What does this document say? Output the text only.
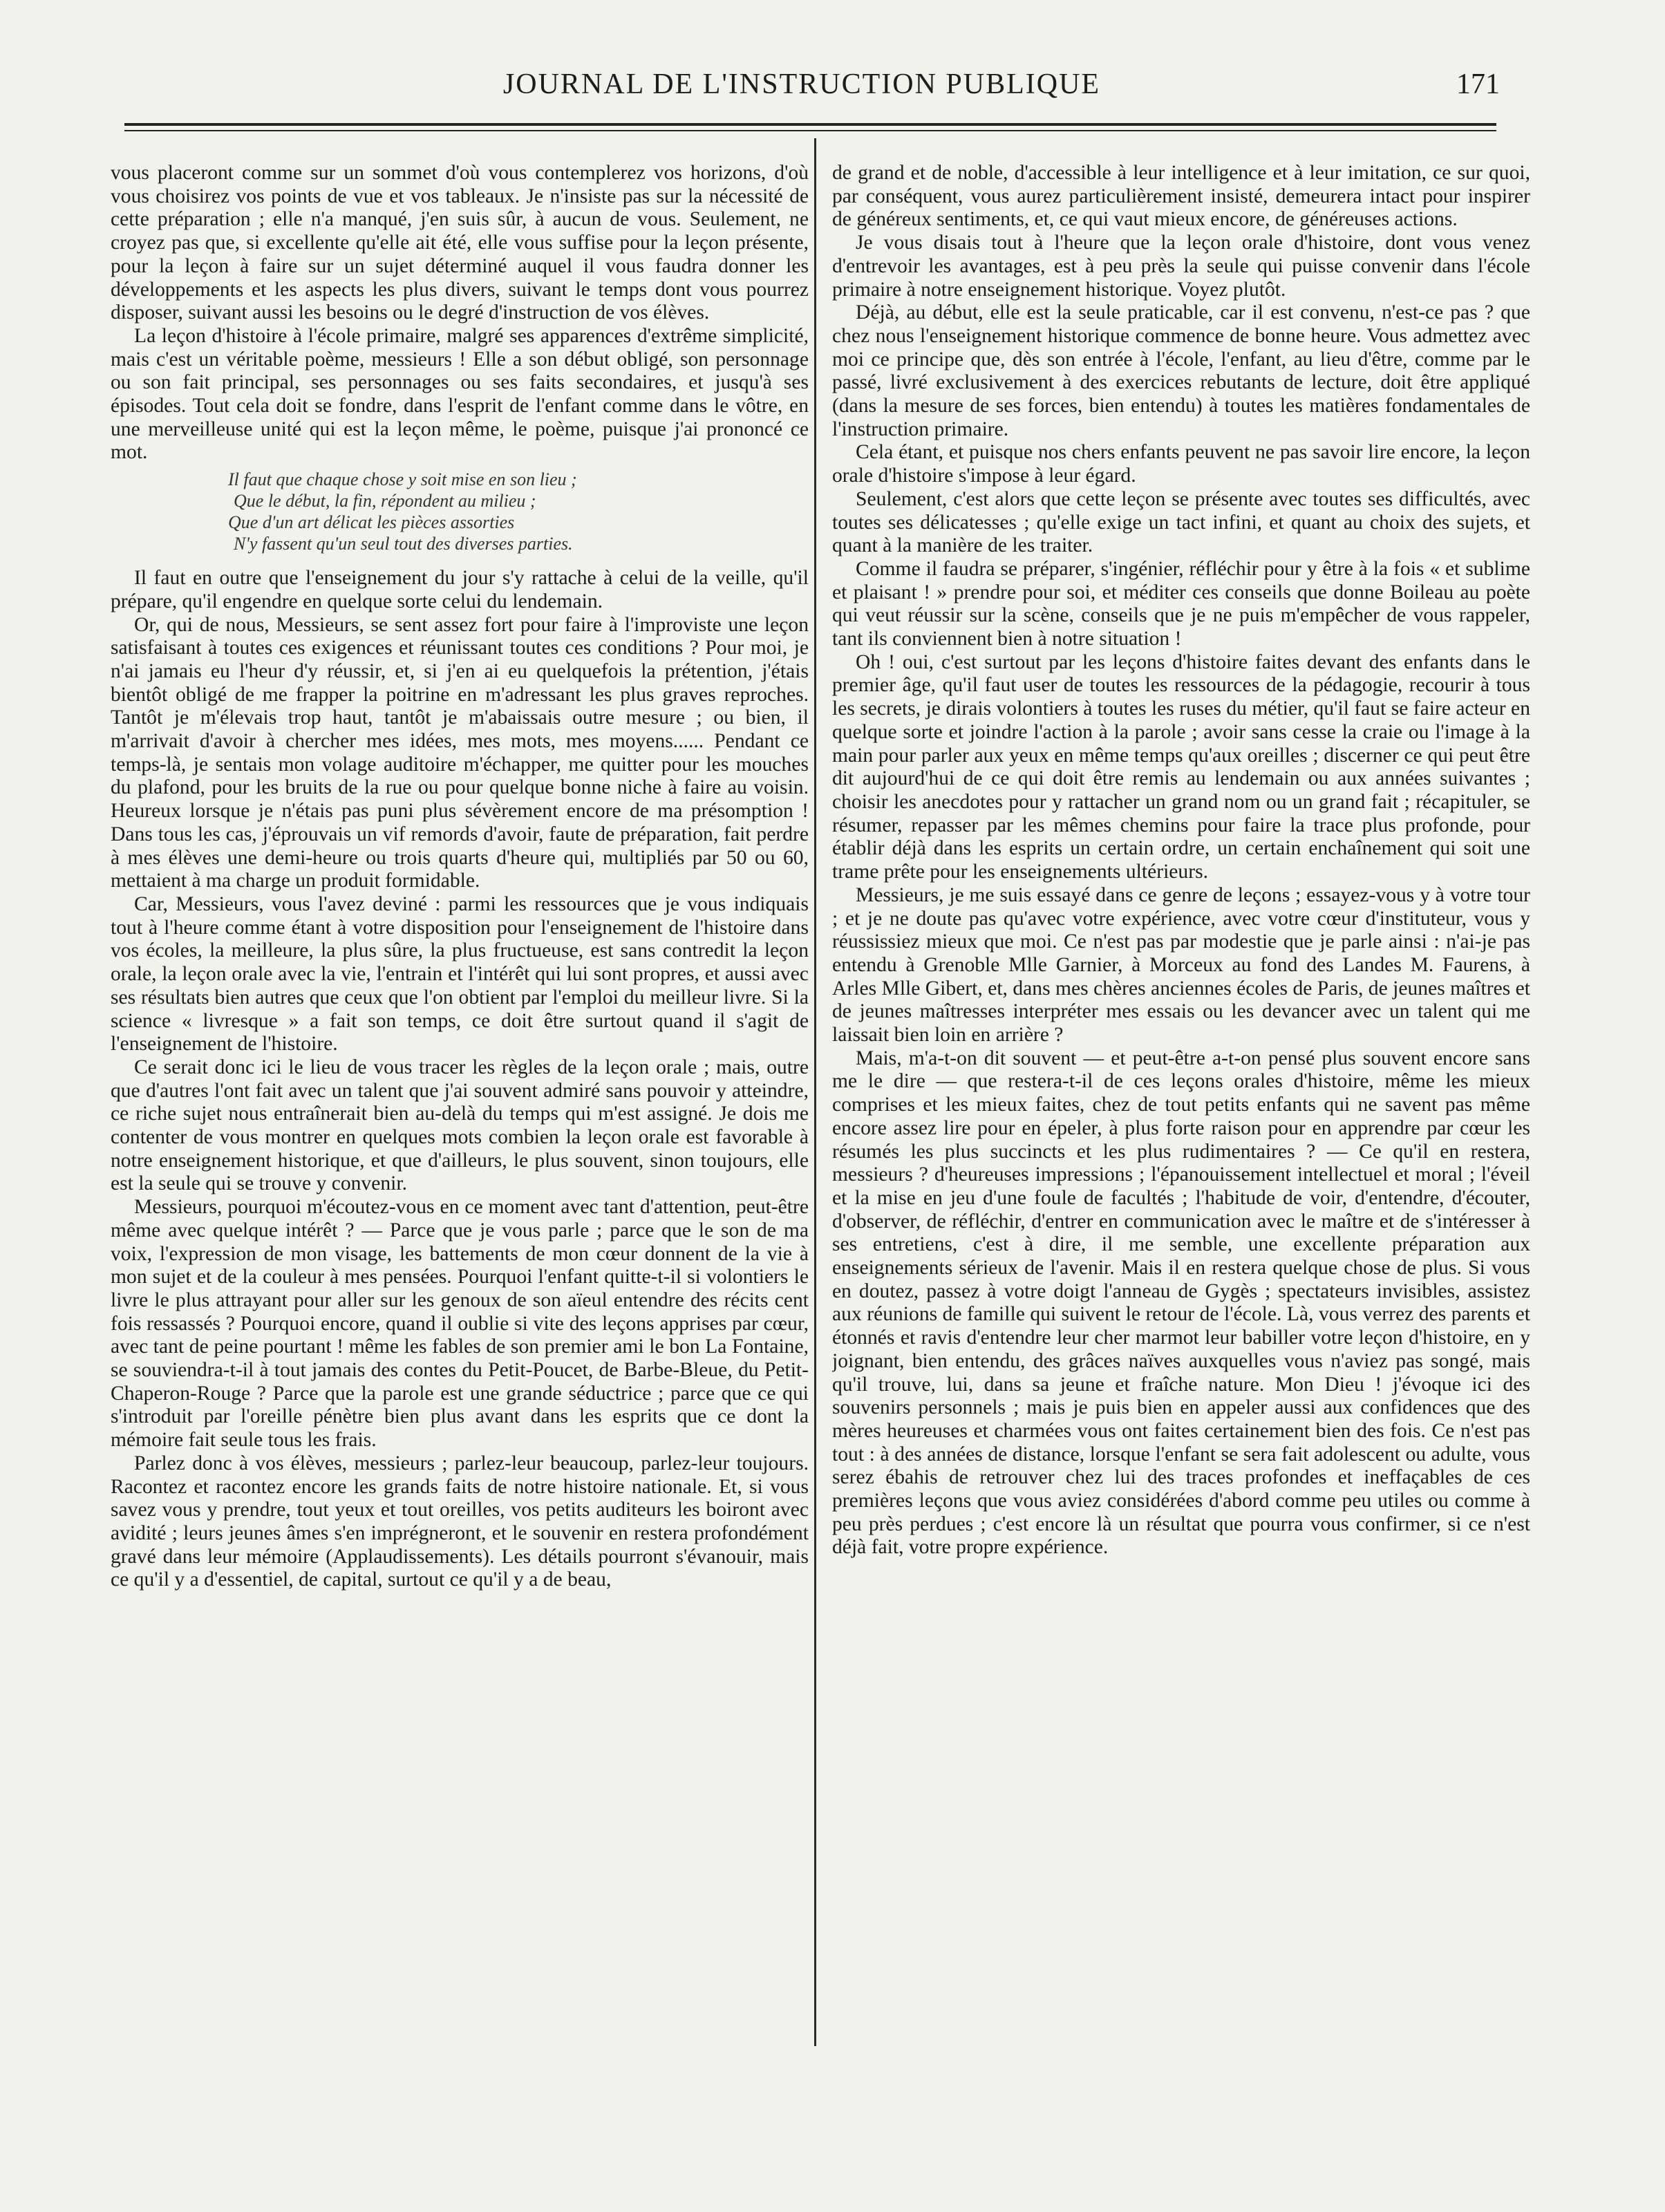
JOURNAL DE L'INSTRUCTION PUBLIQUE	171

vous placeront comme sur un sommet d'où vous contemplerez vos horizons, d'où vous choisirez vos points de vue et vos tableaux. Je n'insiste pas sur la nécessité de cette préparation ; elle n'a manqué, j'en suis sûr, à aucun de vous. Seulement, ne croyez pas que, si excellente qu'elle ait été, elle vous suffise pour la leçon présente, pour la leçon à faire sur un sujet déterminé auquel il vous faudra donner les développements et les aspects les plus divers, suivant le temps dont vous pourrez disposer, suivant aussi les besoins ou le degré d'instruction de vos élèves.

La leçon d'histoire à l'école primaire, malgré ses apparences d'extrême simplicité, mais c'est un véritable poème, messieurs ! Elle a son début obligé, son personnage ou son fait principal, ses personnages ou ses faits secondaires, et jusqu'à ses épisodes. Tout cela doit se fondre, dans l'esprit de l'enfant comme dans le vôtre, en une merveilleuse unité qui est la leçon même, le poème, puisque j'ai prononcé ce mot.

Il faut que chaque chose y soit mise en son lieu ;
Que le début, la fin, répondent au milieu ;
Que d'un art délicat les pièces assorties
N'y fassent qu'un seul tout des diverses parties.

Il faut en outre que l'enseignement du jour s'y rattache à celui de la veille, qu'il prépare, qu'il engendre en quelque sorte celui du lendemain.

Or, qui de nous, Messieurs, se sent assez fort pour faire à l'improviste une leçon satisfaisant à toutes ces exigences et réunissant toutes ces conditions ? Pour moi, je n'ai jamais eu l'heur d'y réussir, et, si j'en ai eu quelquefois la prétention, j'étais bientôt obligé de me frapper la poitrine en m'adressant les plus graves reproches. Tantôt je m'élevais trop haut, tantôt je m'abaissais outre mesure ; ou bien, il m'arrivait d'avoir à chercher mes idées, mes mots, mes moyens...... Pendant ce temps-là, je sentais mon volage auditoire m'échapper, me quitter pour les mouches du plafond, pour les bruits de la rue ou pour quelque bonne niche à faire au voisin. Heureux lorsque je n'étais pas puni plus sévèrement encore de ma présomption ! Dans tous les cas, j'éprouvais un vif remords d'avoir, faute de préparation, fait perdre à mes élèves une demi-heure ou trois quarts d'heure qui, multipliés par 50 ou 60, mettaient à ma charge un produit formidable.

Car, Messieurs, vous l'avez deviné : parmi les ressources que je vous indiquais tout à l'heure comme étant à votre disposition pour l'enseignement de l'histoire dans vos écoles, la meilleure, la plus sûre, la plus fructueuse, est sans contredit la leçon orale, la leçon orale avec la vie, l'entrain et l'intérêt qui lui sont propres, et aussi avec ses résultats bien autres que ceux que l'on obtient par l'emploi du meilleur livre. Si la science « livresque » a fait son temps, ce doit être surtout quand il s'agit de l'enseignement de l'histoire.

Ce serait donc ici le lieu de vous tracer les règles de la leçon orale ; mais, outre que d'autres l'ont fait avec un talent que j'ai souvent admiré sans pouvoir y atteindre, ce riche sujet nous entraînerait bien au-delà du temps qui m'est assigné. Je dois me contenter de vous montrer en quelques mots combien la leçon orale est favorable à notre enseignement historique, et que d'ailleurs, le plus souvent, sinon toujours, elle est la seule qui se trouve y convenir.

Messieurs, pourquoi m'écoutez-vous en ce moment avec tant d'attention, peut-être même avec quelque intérêt ? — Parce que je vous parle ; parce que le son de ma voix, l'expression de mon visage, les battements de mon cœur donnent de la vie à mon sujet et de la couleur à mes pensées. Pourquoi l'enfant quitte-t-il si volontiers le livre le plus attrayant pour aller sur les genoux de son aïeul entendre des récits cent fois ressassés ? Pourquoi encore, quand il oublie si vite des leçons apprises par cœur, avec tant de peine pourtant ! même les fables de son premier ami le bon La Fontaine, se souviendra-t-il à tout jamais des contes du Petit-Poucet, de Barbe-Bleue, du Petit-Chaperon-Rouge ? Parce que la parole est une grande séductrice ; parce que ce qui s'introduit par l'oreille pénètre bien plus avant dans les esprits que ce dont la mémoire fait seule tous les frais.

Parlez donc à vos élèves, messieurs ; parlez-leur beaucoup, parlez-leur toujours. Racontez et racontez encore les grands faits de notre histoire nationale. Et, si vous savez vous y prendre, tout yeux et tout oreilles, vos petits auditeurs les boiront avec avidité ; leurs jeunes âmes s'en imprégneront, et le souvenir en restera profondément gravé dans leur mémoire (Applaudissements). Les détails pourront s'évanouir, mais ce qu'il y a d'essentiel, de capital, surtout ce qu'il y a de beau,

de grand et de noble, d'accessible à leur intelligence et à leur imitation, ce sur quoi, par conséquent, vous aurez particulièrement insisté, demeurera intact pour inspirer de généreux sentiments, et, ce qui vaut mieux encore, de généreuses actions.

Je vous disais tout à l'heure que la leçon orale d'histoire, dont vous venez d'entrevoir les avantages, est à peu près la seule qui puisse convenir dans l'école primaire à notre enseignement historique. Voyez plutôt.

Déjà, au début, elle est la seule praticable, car il est convenu, n'est-ce pas ? que chez nous l'enseignement historique commence de bonne heure. Vous admettez avec moi ce principe que, dès son entrée à l'école, l'enfant, au lieu d'être, comme par le passé, livré exclusivement à des exercices rebutants de lecture, doit être appliqué (dans la mesure de ses forces, bien entendu) à toutes les matières fondamentales de l'instruction primaire.

Cela étant, et puisque nos chers enfants peuvent ne pas savoir lire encore, la leçon orale d'histoire s'impose à leur égard.

Seulement, c'est alors que cette leçon se présente avec toutes ses difficultés, avec toutes ses délicatesses ; qu'elle exige un tact infini, et quant au choix des sujets, et quant à la manière de les traiter.

Comme il faudra se préparer, s'ingénier, réfléchir pour y être à la fois « et sublime et plaisant ! » prendre pour soi, et méditer ces conseils que donne Boileau au poète qui veut réussir sur la scène, conseils que je ne puis m'empêcher de vous rappeler, tant ils conviennent bien à notre situation !

Oh ! oui, c'est surtout par les leçons d'histoire faites devant des enfants dans le premier âge, qu'il faut user de toutes les ressources de la pédagogie, recourir à tous les secrets, je dirais volontiers à toutes les ruses du métier, qu'il faut se faire acteur en quelque sorte et joindre l'action à la parole ; avoir sans cesse la craie ou l'image à la main pour parler aux yeux en même temps qu'aux oreilles ; discerner ce qui peut être dit aujourd'hui de ce qui doit être remis au lendemain ou aux années suivantes ; choisir les anecdotes pour y rattacher un grand nom ou un grand fait ; récapituler, se résumer, repasser par les mêmes chemins pour faire la trace plus profonde, pour établir déjà dans les esprits un certain ordre, un certain enchaînement qui soit une trame prête pour les enseignements ultérieurs.

Messieurs, je me suis essayé dans ce genre de leçons ; essayez-vous y à votre tour ; et je ne doute pas qu'avec votre expérience, avec votre cœur d'instituteur, vous y réussissiez mieux que moi. Ce n'est pas par modestie que je parle ainsi : n'ai-je pas entendu à Grenoble Mlle Garnier, à Morceux au fond des Landes M. Faurens, à Arles Mlle Gibert, et, dans mes chères anciennes écoles de Paris, de jeunes maîtres et de jeunes maîtresses interpréter mes essais ou les devancer avec un talent qui me laissait bien loin en arrière ?

Mais, m'a-t-on dit souvent — et peut-être a-t-on pensé plus souvent encore sans me le dire — que restera-t-il de ces leçons orales d'histoire, même les mieux comprises et les mieux faites, chez de tout petits enfants qui ne savent pas même encore assez lire pour en épeler, à plus forte raison pour en apprendre par cœur les résumés les plus succincts et les plus rudimentaires ? — Ce qu'il en restera, messieurs ? d'heureuses impressions ; l'épanouissement intellectuel et moral ; l'éveil et la mise en jeu d'une foule de facultés ; l'habitude de voir, d'entendre, d'écouter, d'observer, de réfléchir, d'entrer en communication avec le maître et de s'intéresser à ses entretiens, c'est à dire, il me semble, une excellente préparation aux enseignements sérieux de l'avenir. Mais il en restera quelque chose de plus. Si vous en doutez, passez à votre doigt l'anneau de Gygès ; spectateurs invisibles, assistez aux réunions de famille qui suivent le retour de l'école. Là, vous verrez des parents et étonnés et ravis d'entendre leur cher marmot leur babiller votre leçon d'histoire, en y joignant, bien entendu, des grâces naïves auxquelles vous n'aviez pas songé, mais qu'il trouve, lui, dans sa jeune et fraîche nature. Mon Dieu ! j'évoque ici des souvenirs personnels ; mais je puis bien en appeler aussi aux confidences que des mères heureuses et charmées vous ont faites certainement bien des fois. Ce n'est pas tout : à des années de distance, lorsque l'enfant se sera fait adolescent ou adulte, vous serez ébahis de retrouver chez lui des traces profondes et ineffaçables de ces premières leçons que vous aviez considérées d'abord comme peu utiles ou comme à peu près perdues ; c'est encore là un résultat que pourra vous confirmer, si ce n'est déjà fait, votre propre expérience.
